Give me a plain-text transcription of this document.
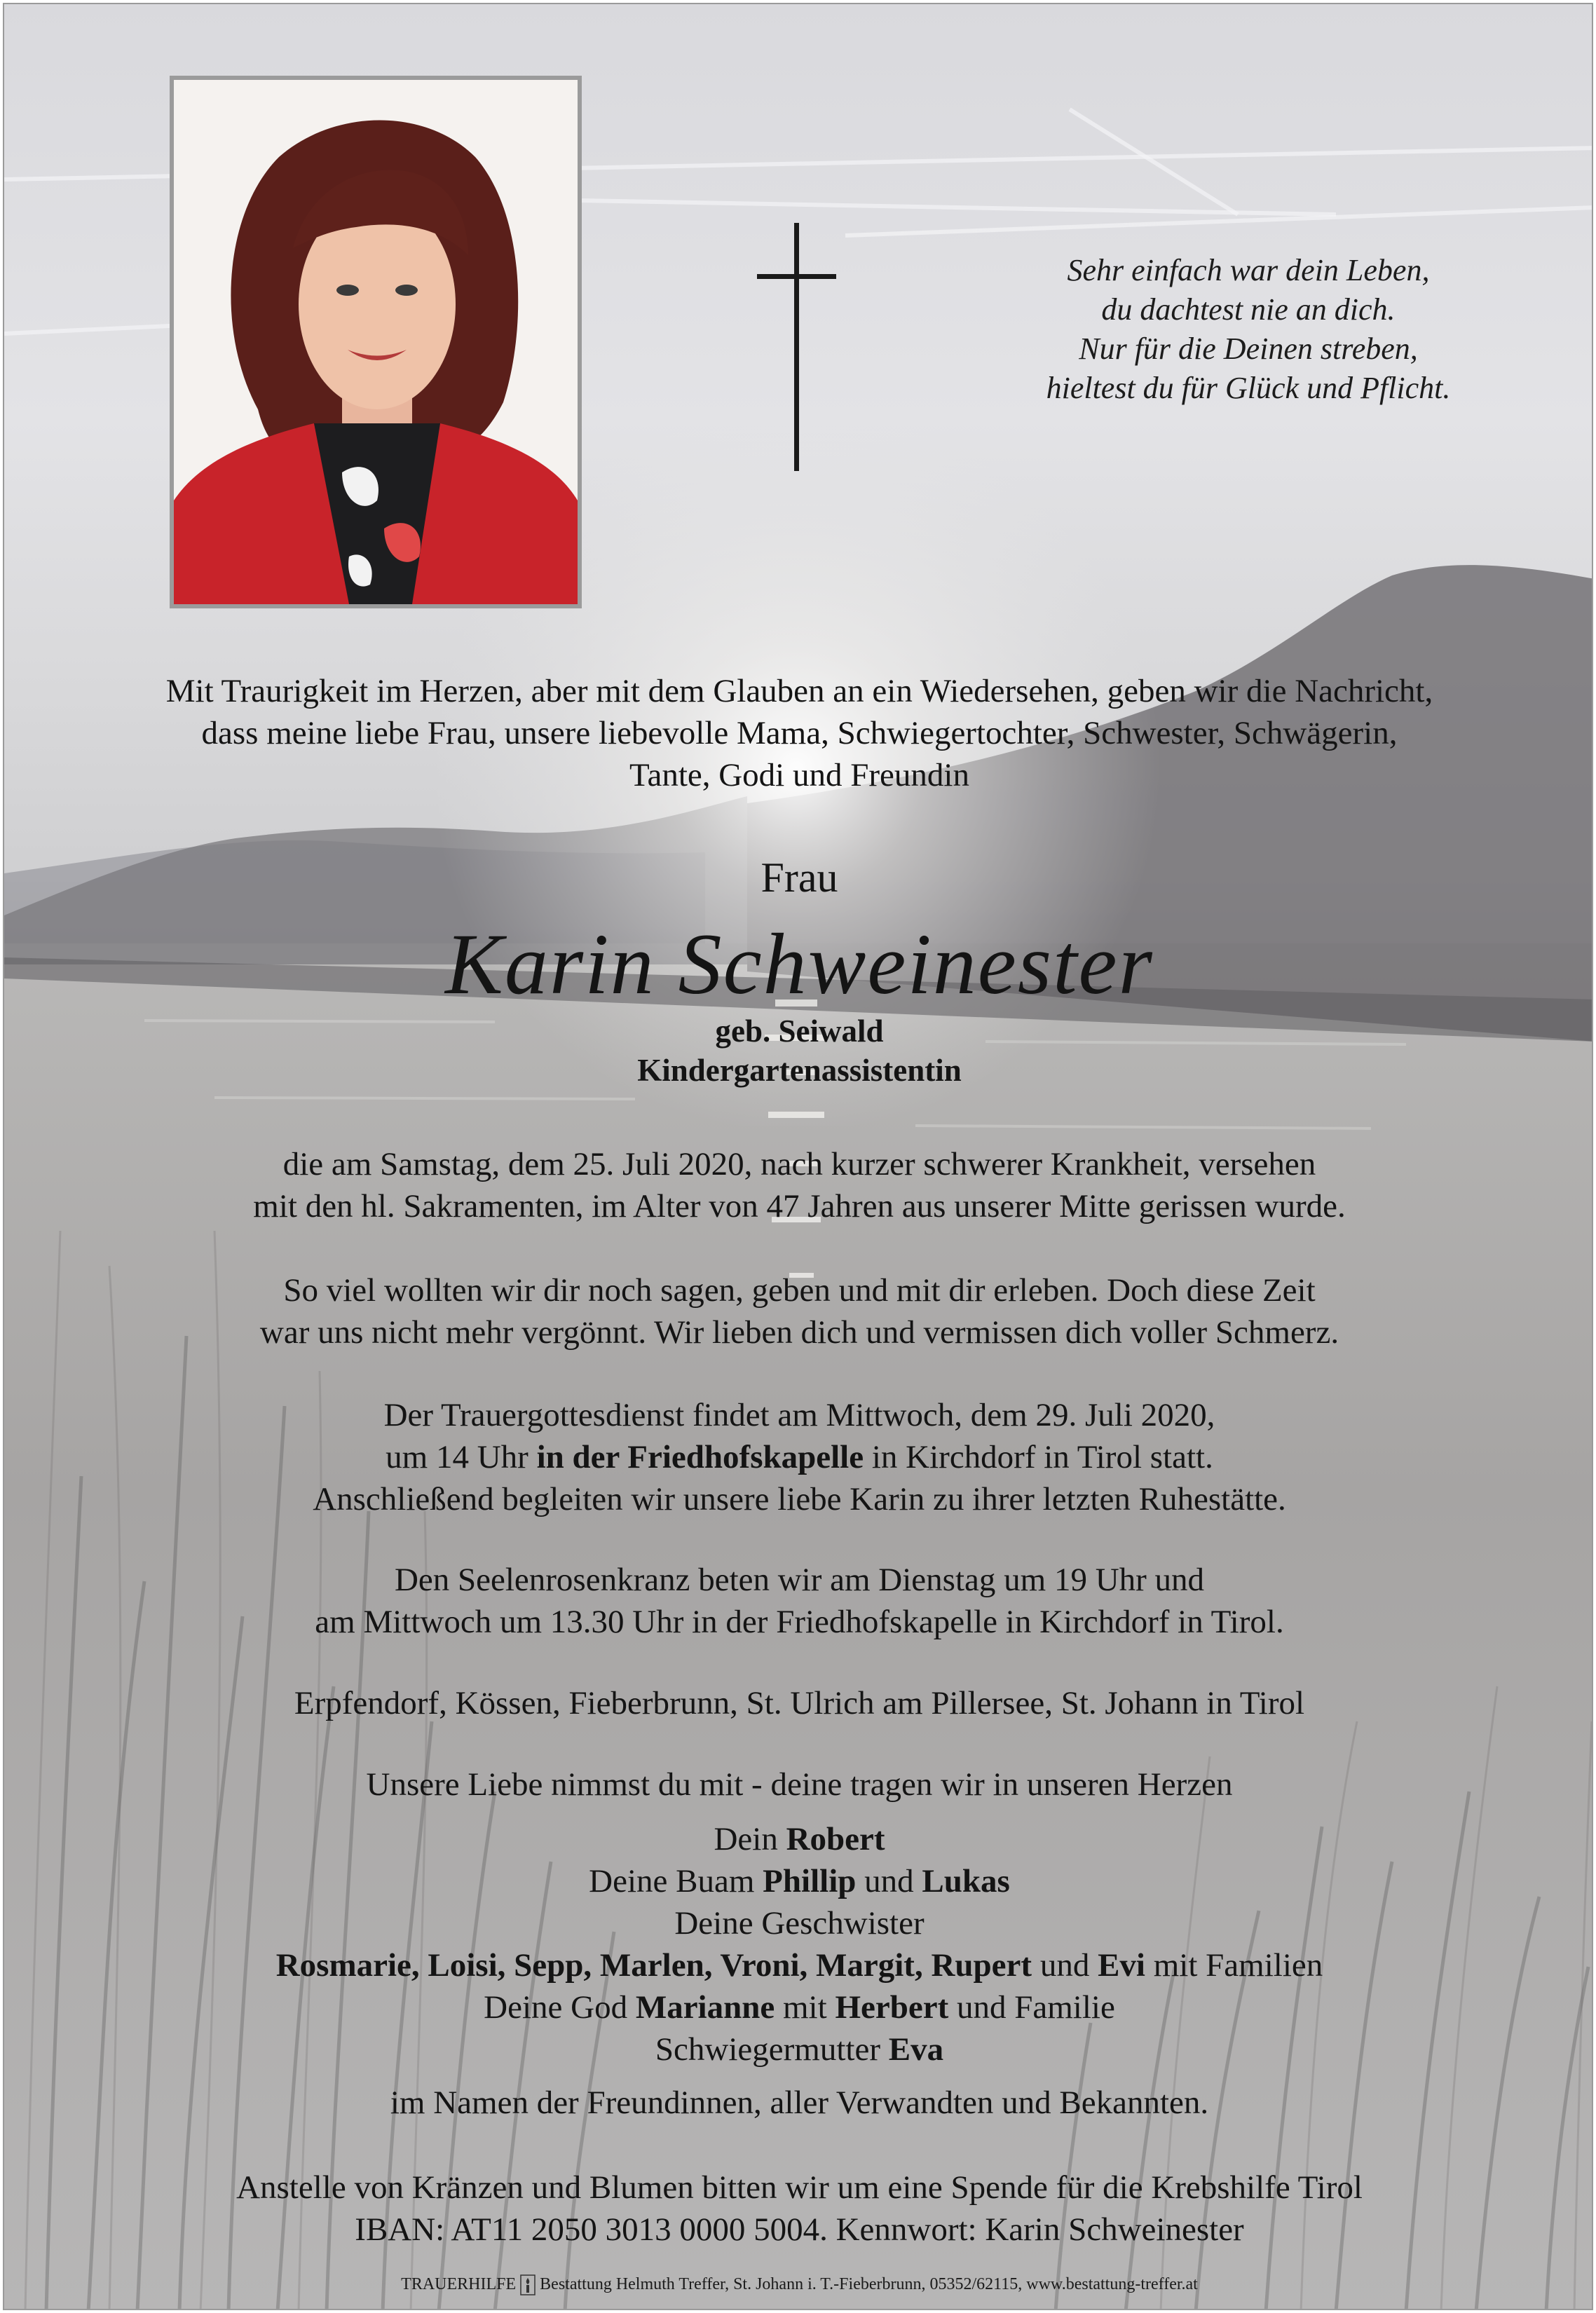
Sehr einfach war dein Leben,
du dachtest nie an dich.
Nur für die Deinen streben,
hieltest du für Glück und Pflicht.
Mit Traurigkeit im Herzen, aber mit dem Glauben an ein Wiedersehen, geben wir die Nachricht,
dass meine liebe Frau, unsere liebevolle Mama, Schwiegertochter, Schwester, Schwägerin,
Tante, Godi und Freundin
Frau
Karin Schweinester
geb. Seiwald
Kindergartenassistentin
die am Samstag, dem 25. Juli 2020, nach kurzer schwerer Krankheit, versehen
mit den hl. Sakramenten, im Alter von 47 Jahren aus unserer Mitte gerissen wurde.
So viel wollten wir dir noch sagen, geben und mit dir erleben. Doch diese Zeit
war uns nicht mehr vergönnt. Wir lieben dich und vermissen dich voller Schmerz.
Der Trauergottesdienst findet am Mittwoch, dem 29. Juli 2020,
um 14 Uhr in der Friedhofskapelle in Kirchdorf in Tirol statt.
Anschließend begleiten wir unsere liebe Karin zu ihrer letzten Ruhestätte.
Den Seelenrosenkranz beten wir am Dienstag um 19 Uhr und
am Mittwoch um 13.30 Uhr in der Friedhofskapelle in Kirchdorf in Tirol.
Erpfendorf, Kössen, Fieberbrunn, St. Ulrich am Pillersee, St. Johann in Tirol
Unsere Liebe nimmst du mit - deine tragen wir in unseren Herzen
Dein Robert
Deine Buam Phillip und Lukas
Deine Geschwister
Rosmarie, Loisi, Sepp, Marlen, Vroni, Margit, Rupert und Evi mit Familien
Deine God Marianne mit Herbert und Familie
Schwiegermutter Eva
im Namen der Freundinnen, aller Verwandten und Bekannten.
Anstelle von Kränzen und Blumen bitten wir um eine Spende für die Krebshilfe Tirol
IBAN: AT11 2050 3013 0000 5004. Kennwort: Karin Schweinester
TRAUERHILFE Bestattung Helmuth Treffer, St. Johann i. T.-Fieberbrunn, 05352/62115, www.bestattung-treffer.at
